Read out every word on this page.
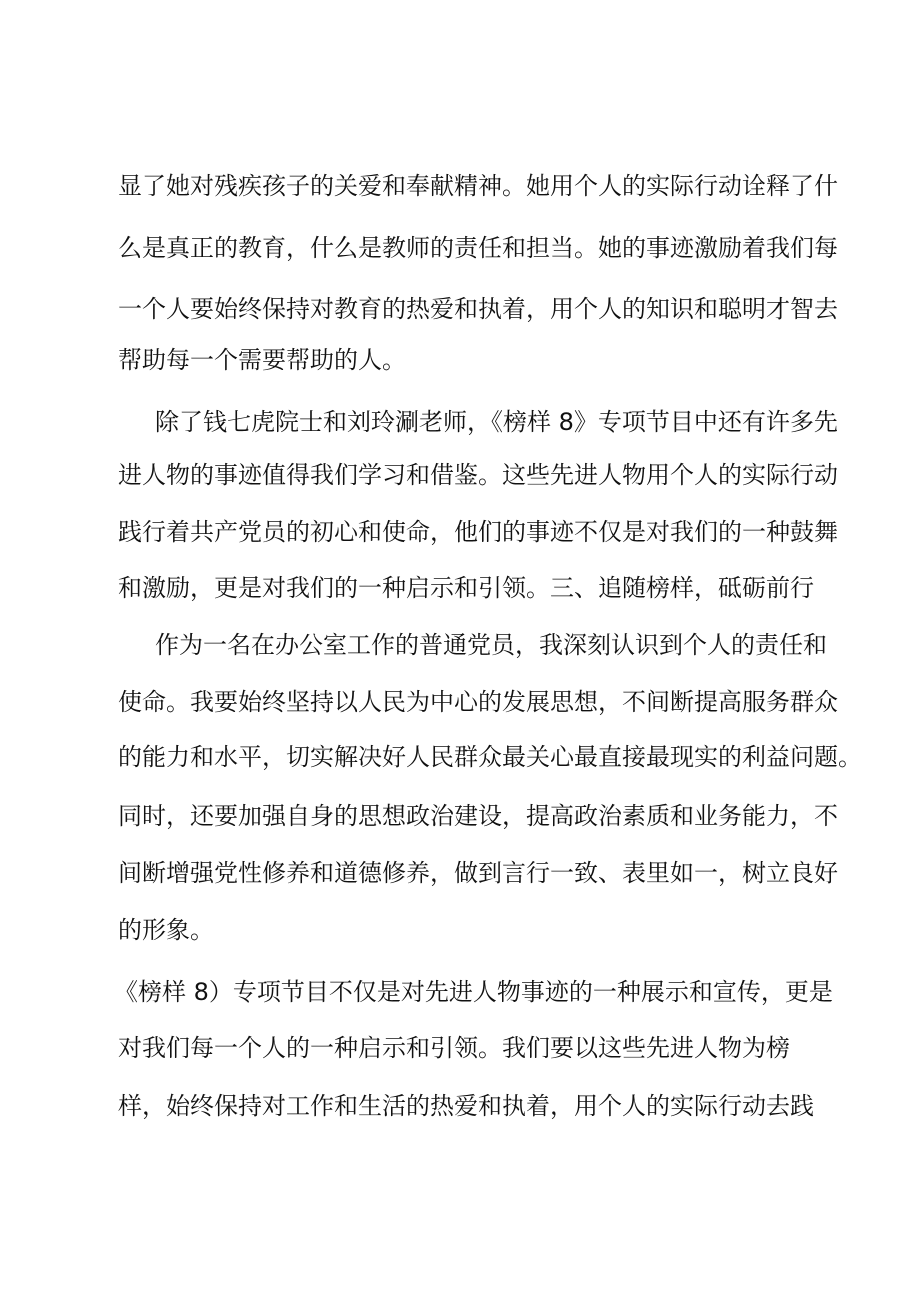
显了她对残疾孩子的关爱和奉献精神。她用个人的实际行动诠释了什
么是真正的教育，什么是教师的责任和担当。她的事迹激励着我们每
一个人要始终保持对教育的热爱和执着，用个人的知识和聪明才智去
帮助每一个需要帮助的人。
除了钱七虎院士和刘玲涮老师，《榜样 8》专项节目中还有许多先
进人物的事迹值得我们学习和借鉴。这些先进人物用个人的实际行动
践行着共产党员的初心和使命，他们的事迹不仅是对我们的一种鼓舞
和激励，更是对我们的一种启示和引领。三、追随榜样，砥砺前行
作为一名在办公室工作的普通党员，我深刻认识到个人的责任和
使命。我要始终坚持以人民为中心的发展思想，不间断提高服务群众
的能力和水平，切实解决好人民群众最关心最直接最现实的利益问题。
同时，还要加强自身的思想政治建设，提高政治素质和业务能力，不
间断增强党性修养和道德修养，做到言行一致、表里如一，树立良好
的形象。
《榜样 8）专项节目不仅是对先进人物事迹的一种展示和宣传，更是
对我们每一个人的一种启示和引领。我们要以这些先进人物为榜
样，始终保持对工作和生活的热爱和执着，用个人的实际行动去践
